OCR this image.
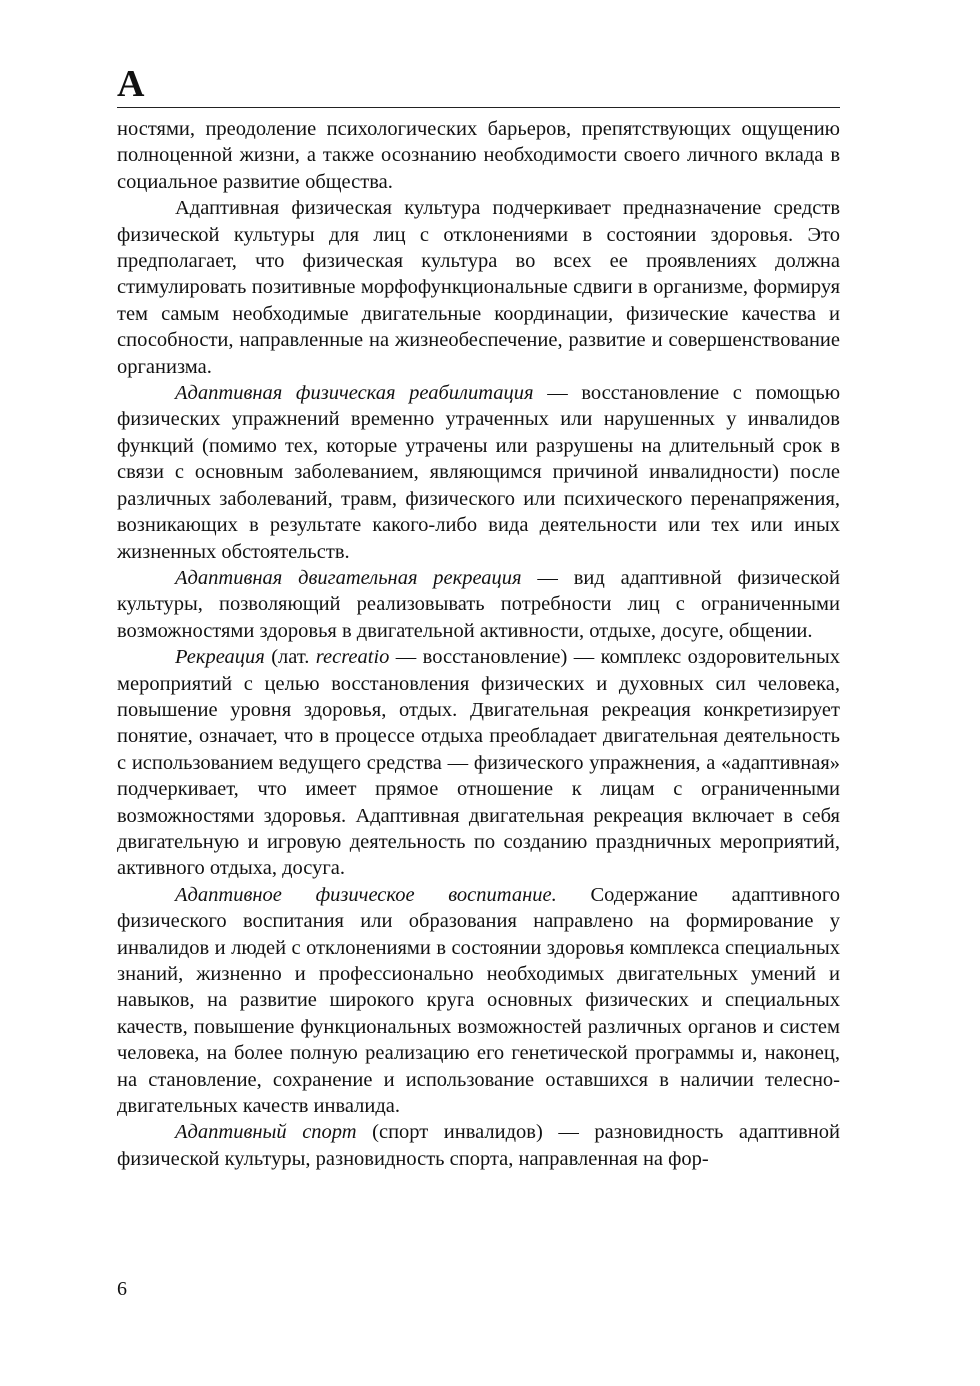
А

ностями, преодоление психологических барьеров, препятствующих ощущению полноценной жизни, а также осознанию необходимости своего личного вклада в социальное развитие общества.

Адаптивная физическая культура подчеркивает предназначение средств физической культуры для лиц с отклонениями в состоянии здоровья. Это предполагает, что физическая культура во всех ее проявлениях должна стимулировать позитивные морфофункциональные сдвиги в организме, формируя тем самым необходимые двигательные координации, физические качества и способности, направленные на жизнеобеспечение, развитие и совершенствование организма.

Адаптивная физическая реабилитация — восстановление с помощью физических упражнений временно утраченных или нарушенных у инвалидов функций (помимо тех, которые утрачены или разрушены на длительный срок в связи с основным заболеванием, являющимся причиной инвалидности) после различных заболеваний, травм, физического или психического перенапряжения, возникающих в результате какого-либо вида деятельности или тех или иных жизненных обстоятельств.

Адаптивная двигательная рекреация — вид адаптивной физической культуры, позволяющий реализовывать потребности лиц с ограниченными возможностями здоровья в двигательной активности, отдыхе, досуге, общении.

Рекреация (лат. recreatio — восстановление) — комплекс оздоровительных мероприятий с целью восстановления физических и духовных сил человека, повышение уровня здоровья, отдых. Двигательная рекреация конкретизирует понятие, означает, что в процессе отдыха преобладает двигательная деятельность с использованием ведущего средства — физического упражнения, а «адаптивная» подчеркивает, что имеет прямое отношение к лицам с ограниченными возможностями здоровья. Адаптивная двигательная рекреация включает в себя двигательную и игровую деятельность по созданию праздничных мероприятий, активного отдыха, досуга.

Адаптивное физическое воспитание. Содержание адаптивного физического воспитания или образования направлено на формирование у инвалидов и людей с отклонениями в состоянии здоровья комплекса специальных знаний, жизненно и профессионально необходимых двигательных умений и навыков, на развитие широкого круга основных физических и специальных качеств, повышение функциональных возможностей различных органов и систем человека, на более полную реализацию его генетической программы и, наконец, на становление, сохранение и использование оставшихся в наличии телесно-двигательных качеств инвалида.

Адаптивный спорт (спорт инвалидов) — разновидность адаптивной физической культуры, разновидность спорта, направленная на фор-

6
